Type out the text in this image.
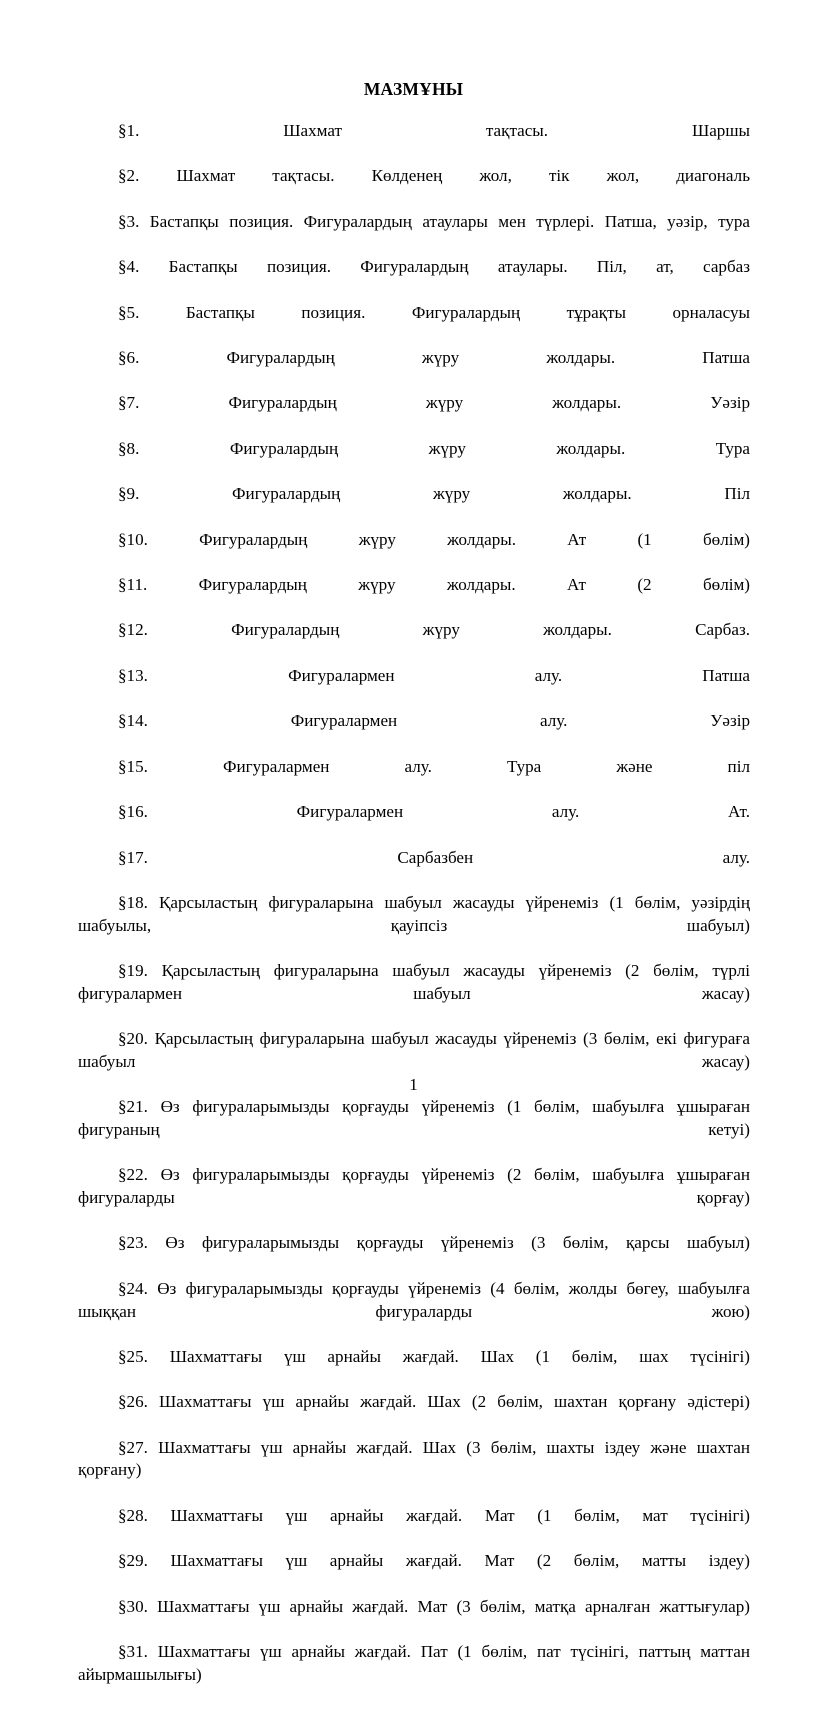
МАЗМҰНЫ

§1. Шахмат тақтасы. Шаршы

§2. Шахмат тақтасы. Көлденең жол, тік жол, диагональ

§3. Бастапқы позиция. Фигуралардың атаулары мен түрлері. Патша, уәзір, тура

§4. Бастапқы позиция. Фигуралардың атаулары. Піл, ат, сарбаз

§5. Бастапқы позиция. Фигуралардың тұрақты орналасуы

§6. Фигуралардың жүру жолдары. Патша

§7. Фигуралардың жүру жолдары. Уәзір

§8. Фигуралардың жүру жолдары. Тура

§9. Фигуралардың жүру жолдары. Піл

§10. Фигуралардың жүру жолдары. Ат (1 бөлім)

§11. Фигуралардың жүру жолдары. Ат (2 бөлім)

§12. Фигуралардың жүру жолдары. Сарбаз.

§13. Фигуралармен алу. Патша

§14. Фигуралармен алу. Уәзір

§15. Фигуралармен алу. Тура және піл

§16. Фигуралармен алу. Ат.

§17. Сарбазбен алу.

§18. Қарсыластың фигураларына шабуыл жасауды үйренеміз (1 бөлім, уәзірдің шабуылы, қауіпсіз шабуыл)

§19. Қарсыластың фигураларына шабуыл жасауды үйренеміз (2 бөлім, түрлі фигуралармен шабуыл жасау)

§20. Қарсыластың фигураларына шабуыл жасауды үйренеміз (3 бөлім, екі фигураға шабуыл жасау)

§21. Өз фигураларымызды қорғауды үйренеміз (1 бөлім, шабуылға ұшыраған фигураның кетуі)

§22. Өз фигураларымызды қорғауды үйренеміз (2 бөлім, шабуылға ұшыраған фигураларды қорғау)

§23. Өз фигураларымызды қорғауды үйренеміз (3 бөлім, қарсы шабуыл)

§24. Өз фигураларымызды қорғауды үйренеміз (4 бөлім, жолды бөгеу, шабуылға шыққан фигураларды жою)

§25. Шахматтағы үш арнайы жағдай. Шах (1 бөлім, шах түсінігі)

§26. Шахматтағы үш арнайы жағдай. Шах (2 бөлім, шахтан қорғану әдістері)

§27. Шахматтағы үш арнайы жағдай. Шах (3 бөлім, шахты іздеу және шахтан қорғану)

§28. Шахматтағы үш арнайы жағдай. Мат (1 бөлім, мат түсінігі)

§29. Шахматтағы үш арнайы жағдай. Мат (2 бөлім, матты іздеу)

§30. Шахматтағы үш арнайы жағдай. Мат (3 бөлім, матқа арналған жаттығулар)

§31. Шахматтағы үш арнайы жағдай. Пат (1 бөлім, пат түсінігі, паттың маттан айырмашылығы)

1
